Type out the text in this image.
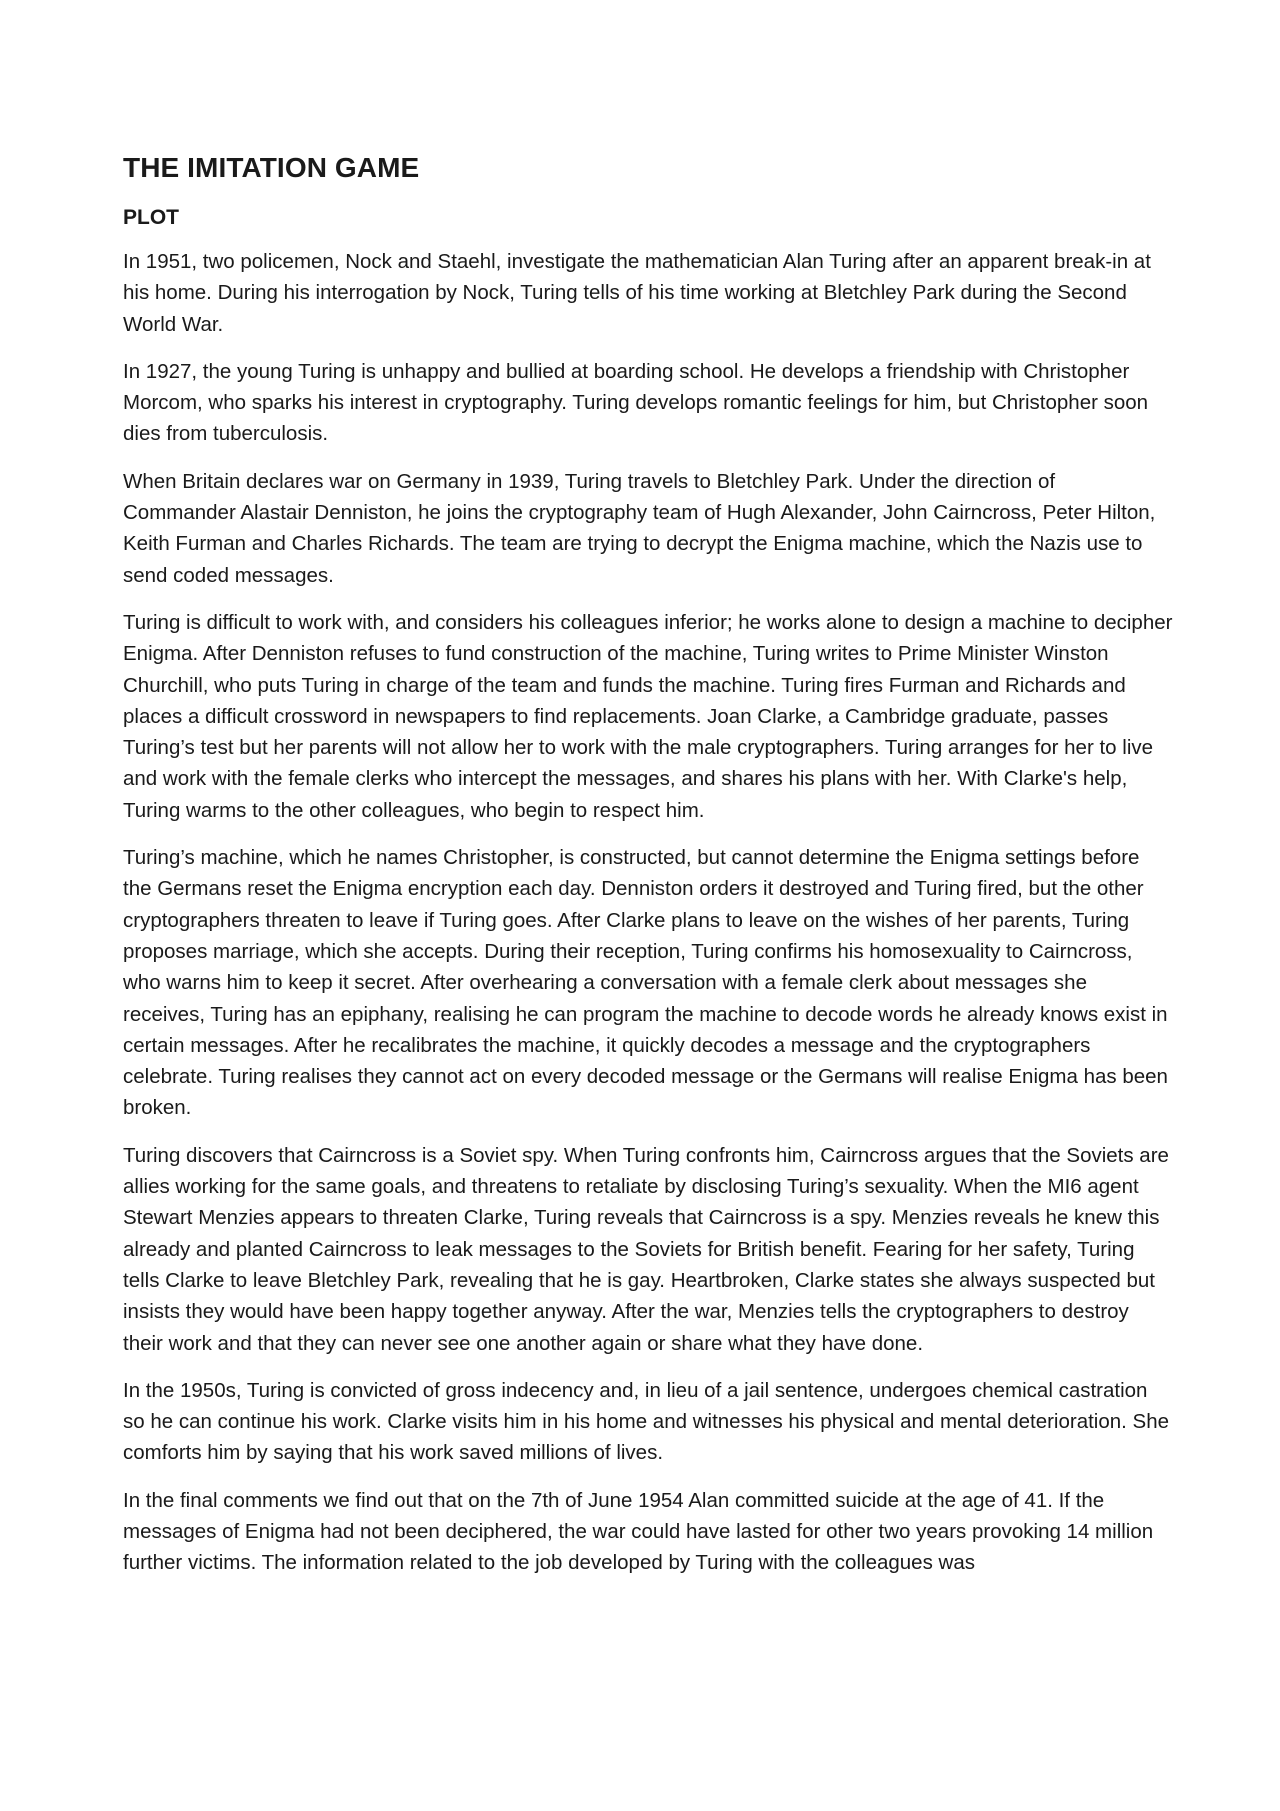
THE IMITATION GAME
PLOT

In 1951, two policemen, Nock and Staehl, investigate the mathematician Alan Turing after an apparent break-in at his home. During his interrogation by Nock, Turing tells of his time working at Bletchley Park during the Second World War.

In 1927, the young Turing is unhappy and bullied at boarding school. He develops a friendship with Christopher Morcom, who sparks his interest in cryptography. Turing develops romantic feelings for him, but Christopher soon dies from tuberculosis.

When Britain declares war on Germany in 1939, Turing travels to Bletchley Park. Under the direction of Commander Alastair Denniston, he joins the cryptography team of Hugh Alexander, John Cairncross, Peter Hilton, Keith Furman and Charles Richards. The team are trying to decrypt the Enigma machine, which the Nazis use to send coded messages.

Turing is difficult to work with, and considers his colleagues inferior; he works alone to design a machine to decipher Enigma. After Denniston refuses to fund construction of the machine, Turing writes to Prime Minister Winston Churchill, who puts Turing in charge of the team and funds the machine. Turing fires Furman and Richards and places a difficult crossword in newspapers to find replacements. Joan Clarke, a Cambridge graduate, passes Turing’s test but her parents will not allow her to work with the male cryptographers. Turing arranges for her to live and work with the female clerks who intercept the messages, and shares his plans with her. With Clarke's help, Turing warms to the other colleagues, who begin to respect him.

Turing’s machine, which he names Christopher, is constructed, but cannot determine the Enigma settings before the Germans reset the Enigma encryption each day. Denniston orders it destroyed and Turing fired, but the other cryptographers threaten to leave if Turing goes. After Clarke plans to leave on the wishes of her parents, Turing proposes marriage, which she accepts. During their reception, Turing confirms his homosexuality to Cairncross, who warns him to keep it secret. After overhearing a conversation with a female clerk about messages she receives, Turing has an epiphany, realising he can program the machine to decode words he already knows exist in certain messages. After he recalibrates the machine, it quickly decodes a message and the cryptographers celebrate. Turing realises they cannot act on every decoded message or the Germans will realise Enigma has been broken.

Turing discovers that Cairncross is a Soviet spy. When Turing confronts him, Cairncross argues that the Soviets are allies working for the same goals, and threatens to retaliate by disclosing Turing’s sexuality. When the MI6 agent Stewart Menzies appears to threaten Clarke, Turing reveals that Cairncross is a spy. Menzies reveals he knew this already and planted Cairncross to leak messages to the Soviets for British benefit. Fearing for her safety, Turing tells Clarke to leave Bletchley Park, revealing that he is gay. Heartbroken, Clarke states she always suspected but insists they would have been happy together anyway. After the war, Menzies tells the cryptographers to destroy their work and that they can never see one another again or share what they have done.

In the 1950s, Turing is convicted of gross indecency and, in lieu of a jail sentence, undergoes chemical castration so he can continue his work. Clarke visits him in his home and witnesses his physical and mental deterioration. She comforts him by saying that his work saved millions of lives.

In the final comments we find out that on the 7th of June 1954 Alan committed suicide at the age of 41. If the messages of Enigma had not been deciphered, the war could have lasted for other two years provoking 14 million further victims. The information related to the job developed by Turing with the colleagues was
